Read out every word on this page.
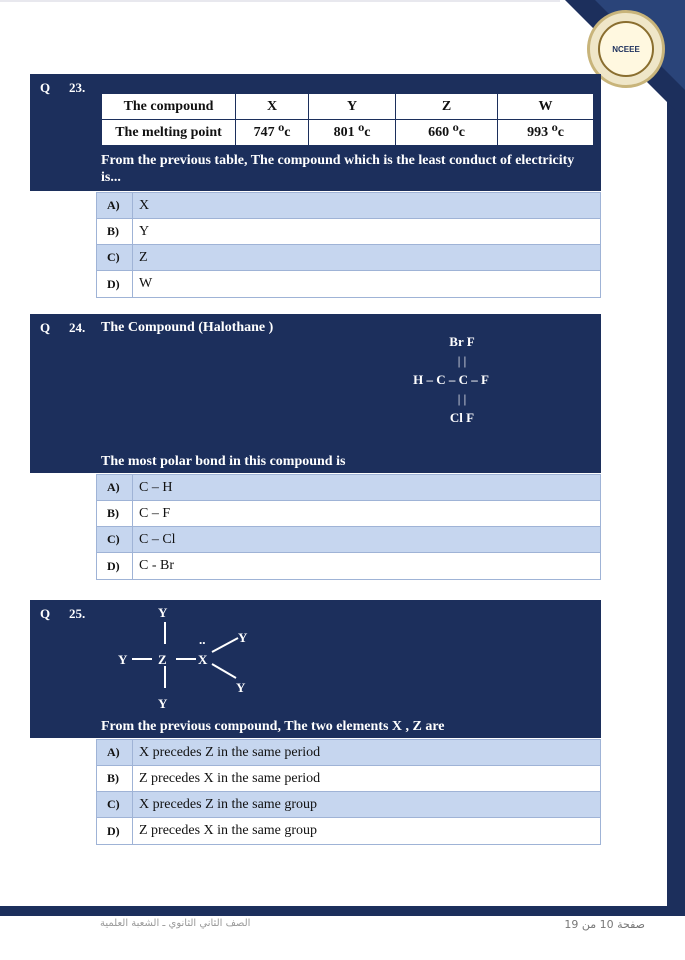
NCEEE
Q 23.
The compound	X	Y	Z	W
The melting point	747 ⁰c	801 ⁰c	660 ⁰c	993 ⁰c
From the previous table, The compound which is the least conduct of electricity is...
A)	X
B)	Y
C)	Z
D)	W
Q 24. The Compound (Halothane )
Br F
| |
H – C – C – F
| |
Cl F
The most polar bond in this compound is
A)	C – H
B)	C – F
C)	C – Cl
D)	C - Br
Q 25.	Y
Y Z X
..
Y
Y
Y
From the previous compound, The two elements X , Z are
A)	X precedes Z in the same period
B)	Z precedes X in the same period
C)	X precedes Z in the same group
D)	Z precedes X in the same group
الصف الثاني الثانوي ـ الشعبة العلمية	صفحة 10 من 19
